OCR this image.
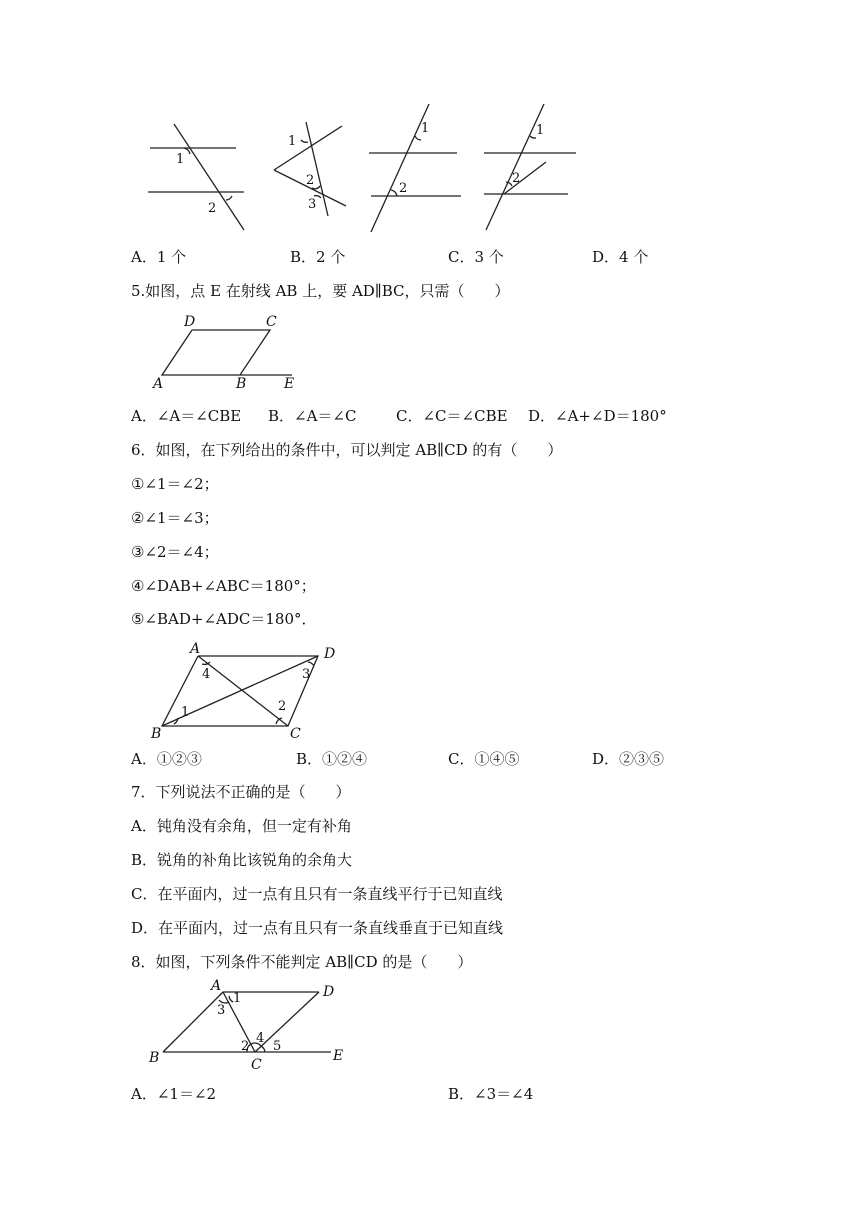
1
2
1
2
3
1
2
1
2
A．1 个	B．2 个	C．3 个	D．4 个
5.如图，点 E 在射线 AB 上，要 AD∥BC，只需（　　）
D	C
A	B	E
A．∠A＝∠CBE B．∠A＝∠C	C．∠C＝∠CBE D．∠A+∠D＝180°
6．如图，在下列给出的条件中，可以判定 AB∥CD 的有（　　）
①∠1＝∠2；
②∠1＝∠3；
③∠2＝∠4；
④∠DAB+∠ABC＝180°；
⑤∠BAD+∠ADC＝180°．
A	D
B	C
1	2
3
4
A．①②③	B．①②④	C．①④⑤	D．②③⑤
7．下列说法不正确的是（　　）
A．钝角没有余角，但一定有补角
B．锐角的补角比该锐角的余角大
C．在平面内，过一点有且只有一条直线平行于已知直线
D．在平面内，过一点有且只有一条直线垂直于已知直线
8．如图，下列条件不能判定 AB∥CD 的是（　　）
A	D
B	C
E
1
3
2
4
5
A．∠1＝∠2	B．∠3＝∠4
